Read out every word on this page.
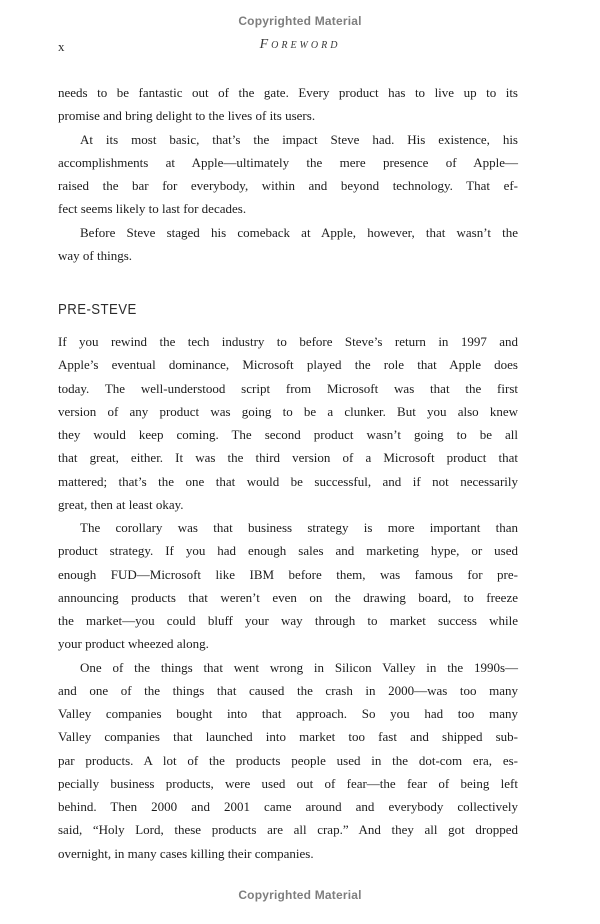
Copyrighted Material
x	Foreword
needs to be fantastic out of the gate. Every product has to live up to its
promise and bring delight to the lives of its users.
At its most basic, that’s the impact Steve had. His existence, his
accomplishments at Apple—ultimately the mere presence of Apple—
raised the bar for everybody, within and beyond technology. That ef-
fect seems likely to last for decades.
Before Steve staged his comeback at Apple, however, that wasn’t the
way of things.
PRE-STEVE
If you rewind the tech industry to before Steve’s return in 1997 and
Apple’s eventual dominance, Microsoft played the role that Apple does
today. The well-understood script from Microsoft was that the first
version of any product was going to be a clunker. But you also knew
they would keep coming. The second product wasn’t going to be all
that great, either. It was the third version of a Microsoft product that
mattered; that’s the one that would be successful, and if not necessarily
great, then at least okay.
The corollary was that business strategy is more important than
product strategy. If you had enough sales and marketing hype, or used
enough FUD—Microsoft like IBM before them, was famous for pre-
announcing products that weren’t even on the drawing board, to freeze
the market—you could bluff your way through to market success while
your product wheezed along.
One of the things that went wrong in Silicon Valley in the 1990s—
and one of the things that caused the crash in 2000—was too many
Valley companies bought into that approach. So you had too many
Valley companies that launched into market too fast and shipped sub-
par products. A lot of the products people used in the dot-com era, es-
pecially business products, were used out of fear—the fear of being left
behind. Then 2000 and 2001 came around and everybody collectively
said, “Holy Lord, these products are all crap.” And they all got dropped
overnight, in many cases killing their companies.
Copyrighted Material
